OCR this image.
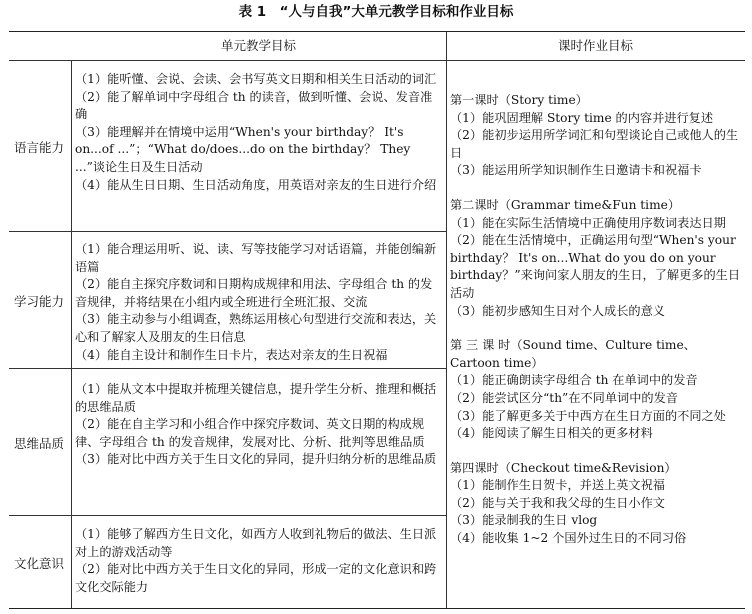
表 1　“人与自我”大单元教学目标和作业目标
单元教学目标	课时作业目标
语言能力

（1）能听懂、会说、会读、会书写英文日期和相关生日活动的词汇

（2）能了解单词中字母组合 th 的读音，做到听懂、会说、发音准确

（3）能理解并在情境中运用“When's your birthday？ It's on...of ...”；“What do/does...do on the birthday？ They ...”谈论生日及生日活动

（4）能从生日日期、生日活动角度，用英语对亲友的生日进行介绍

学习能力

（1）能合理运用听、说、读、写等技能学习对话语篇，并能创编新语篇

（2）能自主探究序数词和日期构成规律和用法、字母组合 th 的发音规律，并将结果在小组内或全班进行全班汇报、交流

（3）能主动参与小组调查，熟练运用核心句型进行交流和表达，关心和了解家人及朋友的生日信息

（4）能自主设计和制作生日卡片，表达对亲友的生日祝福

思维品质

（1）能从文本中提取并梳理关键信息，提升学生分析、推理和概括的思维品质

（2）能在自主学习和小组合作中探究序数词、英文日期的构成规律、字母组合 th 的发音规律，发展对比、分析、批判等思维品质

（3）能对比中西方关于生日文化的异同，提升归纳分析的思维品质

文化意识

（1）能够了解西方生日文化，如西方人收到礼物后的做法、生日派对上的游戏活动等

（2）能对比中西方关于生日文化的异同，形成一定的文化意识和跨文化交际能力

第一课时（Story time）

（1）能巩固理解 Story time 的内容并进行复述

（2）能初步运用所学词汇和句型谈论自己或他人的生日

（3）能运用所学知识制作生日邀请卡和祝福卡

第二课时（Grammar time&Fun time）

（1）能在实际生活情境中正确使用序数词表达日期

（2）能在生活情境中，正确运用句型“When's your birthday？ It's on...What do you do on your birthday？”来询问家人朋友的生日，了解更多的生日活动

（3）能初步感知生日对个人成长的意义

第 三 课 时（Sound time、Culture time、Cartoon time）

（1）能正确朗读字母组合 th 在单词中的发音

（2）能尝试区分“th”在不同单词中的发音

（3）能了解更多关于中西方在生日方面的不同之处

（4）能阅读了解生日相关的更多材料

第四课时（Checkout time&Revision）

（1）能制作生日贺卡，并送上英文祝福

（2）能与关于我和我父母的生日小作文

（3）能录制我的生日 vlog

（4）能收集 1~2 个国外过生日的不同习俗
